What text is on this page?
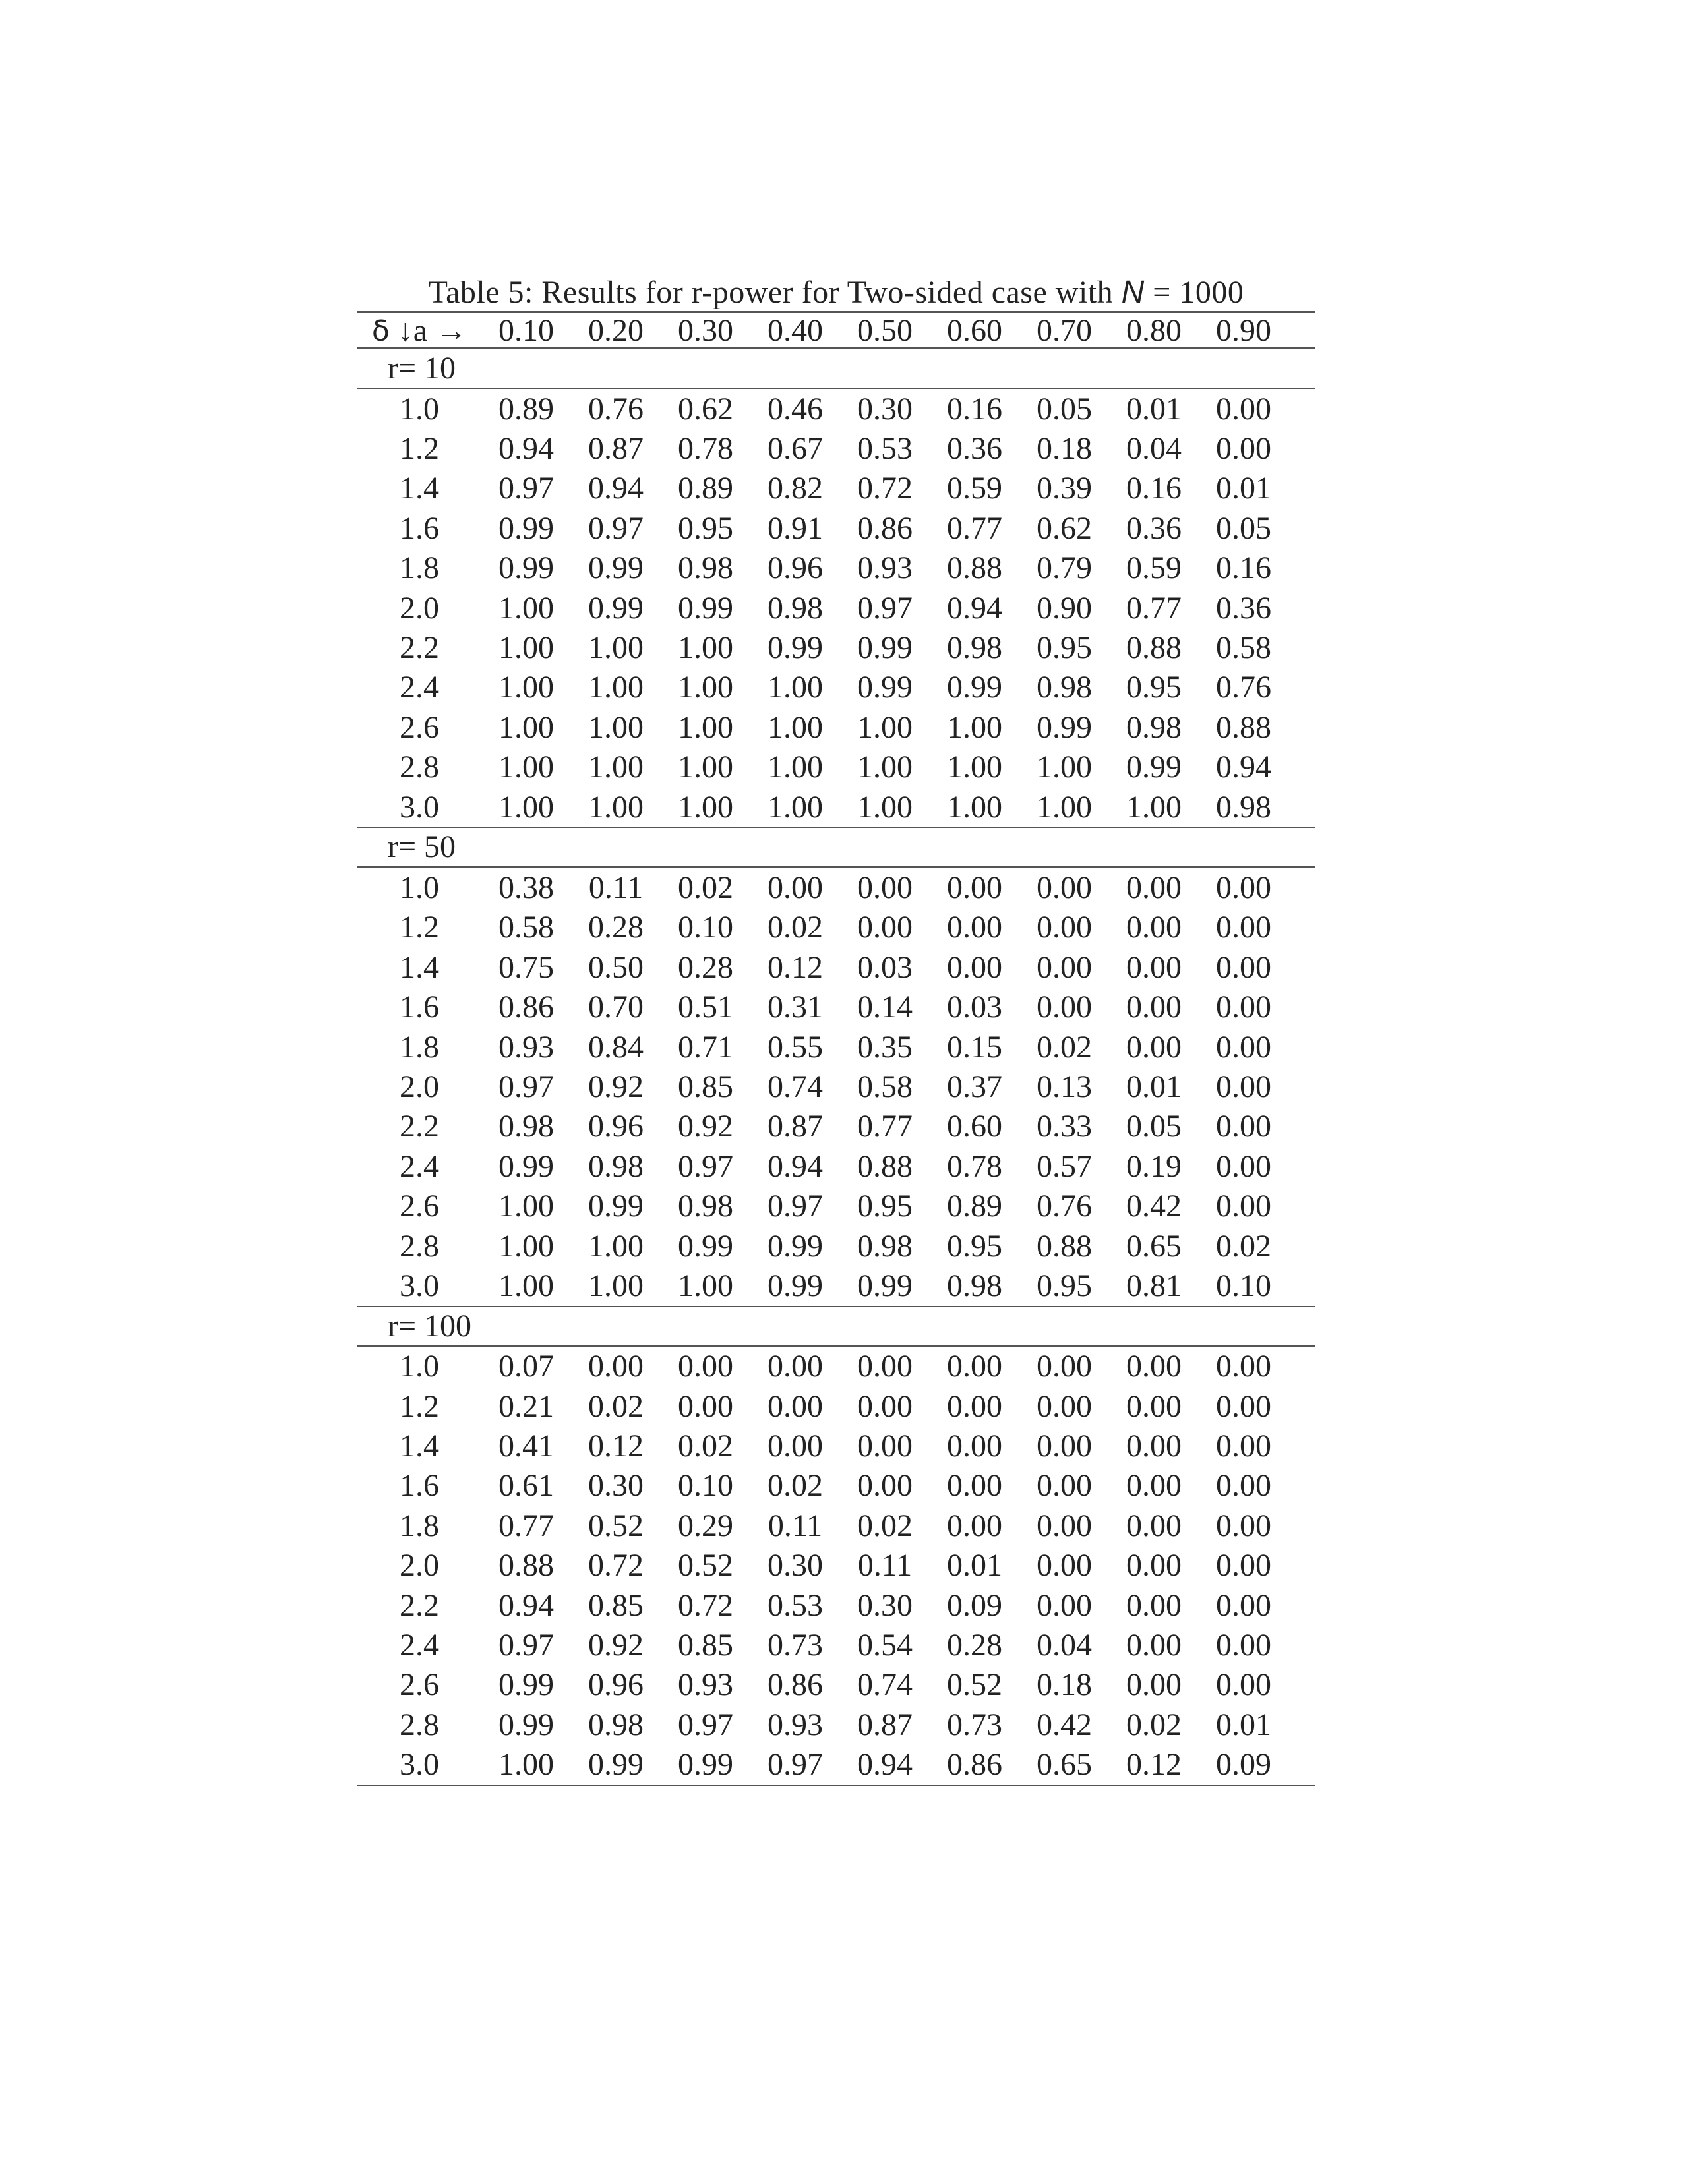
Table 5: Results for r-power for Two-sided case with N = 1000
δ ↓a → 0.10	0.20	0.30	0.40	0.50	0.60	0.70	0.80	0.90
r= 10
1.0	0.89	0.76	0.62	0.46	0.30	0.16	0.05	0.01	0.00
1.2	0.94	0.87	0.78	0.67	0.53	0.36	0.18	0.04	0.00
1.4	0.97	0.94	0.89	0.82	0.72	0.59	0.39	0.16	0.01
1.6	0.99	0.97	0.95	0.91	0.86	0.77	0.62	0.36	0.05
1.8	0.99	0.99	0.98	0.96	0.93	0.88	0.79	0.59	0.16
2.0	1.00	0.99	0.99	0.98	0.97	0.94	0.90	0.77	0.36
2.2	1.00	1.00	1.00	0.99	0.99	0.98	0.95	0.88	0.58
2.4	1.00	1.00	1.00	1.00	0.99	0.99	0.98	0.95	0.76
2.6	1.00	1.00	1.00	1.00	1.00	1.00	0.99	0.98	0.88
2.8	1.00	1.00	1.00	1.00	1.00	1.00	1.00	0.99	0.94
3.0	1.00	1.00	1.00	1.00	1.00	1.00	1.00	1.00	0.98
r= 50
1.0	0.38	0.11	0.02	0.00	0.00	0.00	0.00	0.00	0.00
1.2	0.58	0.28	0.10	0.02	0.00	0.00	0.00	0.00	0.00
1.4	0.75	0.50	0.28	0.12	0.03	0.00	0.00	0.00	0.00
1.6	0.86	0.70	0.51	0.31	0.14	0.03	0.00	0.00	0.00
1.8	0.93	0.84	0.71	0.55	0.35	0.15	0.02	0.00	0.00
2.0	0.97	0.92	0.85	0.74	0.58	0.37	0.13	0.01	0.00
2.2	0.98	0.96	0.92	0.87	0.77	0.60	0.33	0.05	0.00
2.4	0.99	0.98	0.97	0.94	0.88	0.78	0.57	0.19	0.00
2.6	1.00	0.99	0.98	0.97	0.95	0.89	0.76	0.42	0.00
2.8	1.00	1.00	0.99	0.99	0.98	0.95	0.88	0.65	0.02
3.0	1.00	1.00	1.00	0.99	0.99	0.98	0.95	0.81	0.10
r= 100
1.0	0.07	0.00	0.00	0.00	0.00	0.00	0.00	0.00	0.00
1.2	0.21	0.02	0.00	0.00	0.00	0.00	0.00	0.00	0.00
1.4	0.41	0.12	0.02	0.00	0.00	0.00	0.00	0.00	0.00
1.6	0.61	0.30	0.10	0.02	0.00	0.00	0.00	0.00	0.00
1.8	0.77	0.52	0.29	0.11	0.02	0.00	0.00	0.00	0.00
2.0	0.88	0.72	0.52	0.30	0.11	0.01	0.00	0.00	0.00
2.2	0.94	0.85	0.72	0.53	0.30	0.09	0.00	0.00	0.00
2.4	0.97	0.92	0.85	0.73	0.54	0.28	0.04	0.00	0.00
2.6	0.99	0.96	0.93	0.86	0.74	0.52	0.18	0.00	0.00
2.8	0.99	0.98	0.97	0.93	0.87	0.73	0.42	0.02	0.01
3.0	1.00	0.99	0.99	0.97	0.94	0.86	0.65	0.12	0.09
